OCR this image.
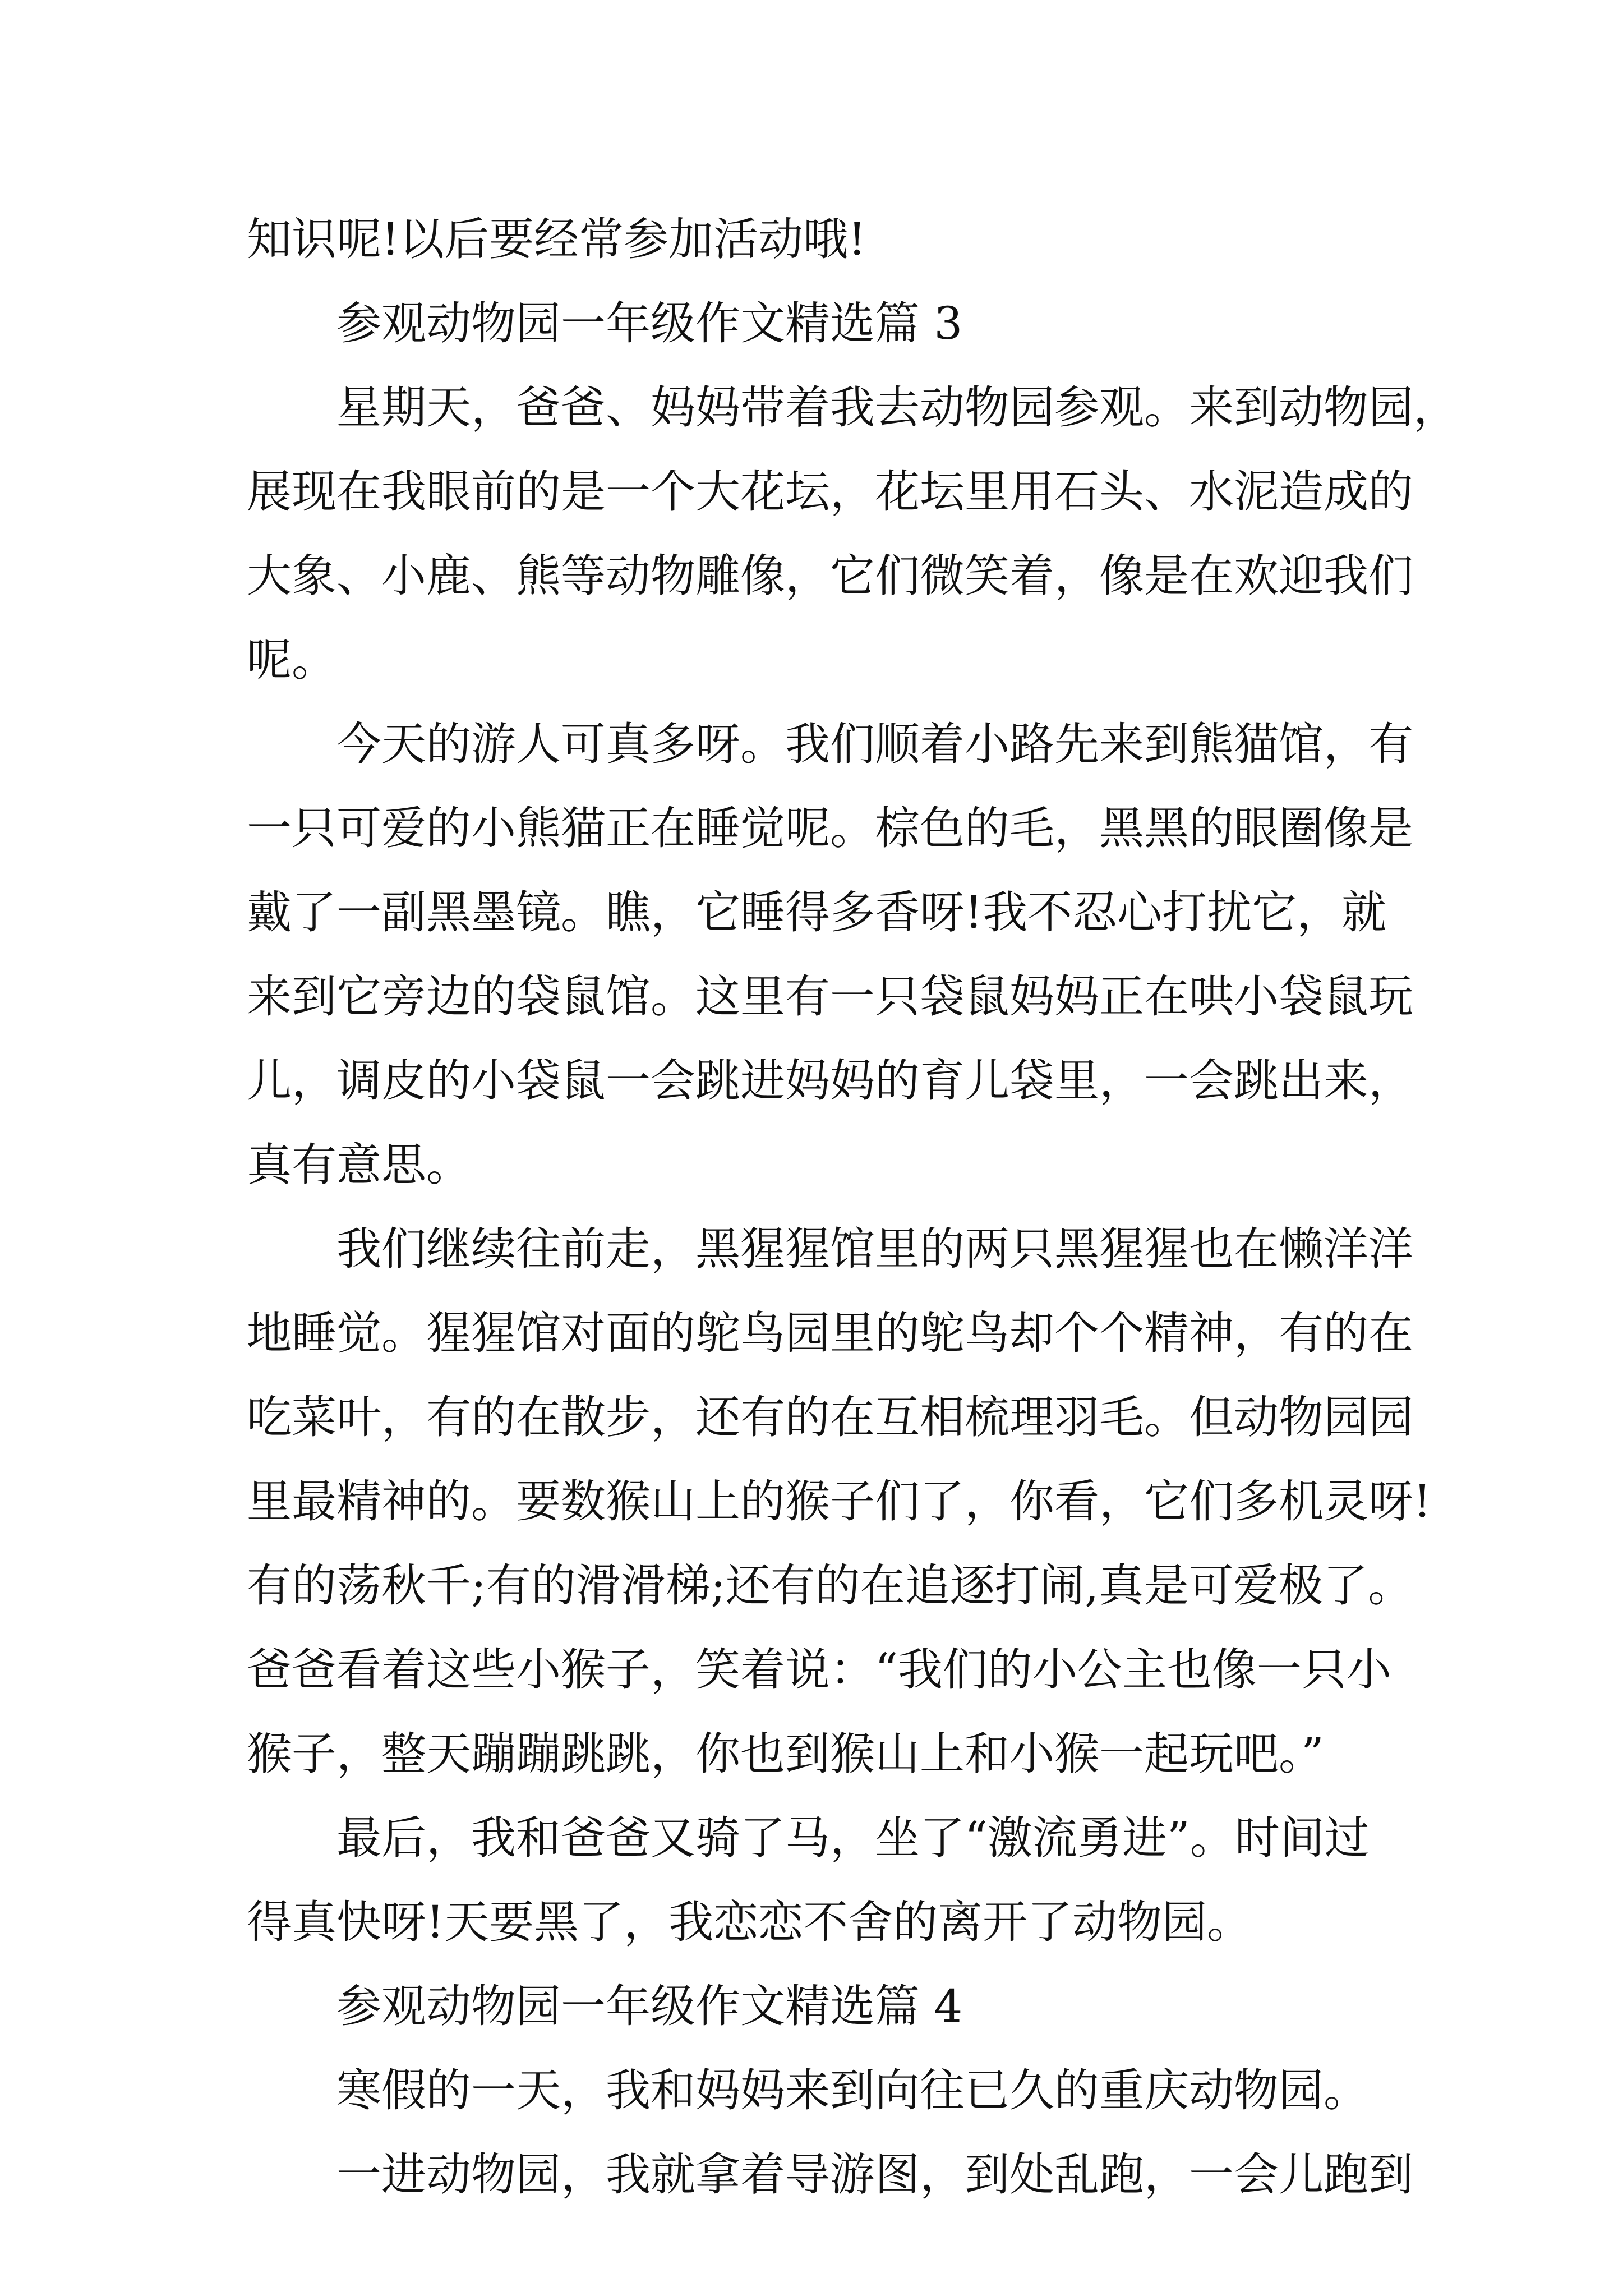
知识呢!以后要经常参加活动哦!
参观动物园一年级作文精选篇 3
星期天，爸爸、妈妈带着我去动物园参观。来到动物园，
展现在我眼前的是一个大花坛，花坛里用石头、水泥造成的
大象、小鹿、熊等动物雕像，它们微笑着，像是在欢迎我们
呢。
今天的游人可真多呀。我们顺着小路先来到熊猫馆，有
一只可爱的小熊猫正在睡觉呢。棕色的毛，黑黑的眼圈像是
戴了一副黑墨镜。瞧，它睡得多香呀!我不忍心打扰它，就
来到它旁边的袋鼠馆。这里有一只袋鼠妈妈正在哄小袋鼠玩
儿，调皮的小袋鼠一会跳进妈妈的育儿袋里，一会跳出来，
真有意思。
我们继续往前走，黑猩猩馆里的两只黑猩猩也在懒洋洋
地睡觉。猩猩馆对面的鸵鸟园里的鸵鸟却个个精神，有的在
吃菜叶，有的在散步，还有的在互相梳理羽毛。但动物园园
里最精神的。要数猴山上的猴子们了，你看，它们多机灵呀!
有的荡秋千;有的滑滑梯;还有的在追逐打闹,真是可爱极了。
爸爸看着这些小猴子，笑着说：“我们的小公主也像一只小
猴子，整天蹦蹦跳跳，你也到猴山上和小猴一起玩吧。”
最后，我和爸爸又骑了马，坐了“激流勇进”。时间过
得真快呀!天要黑了，我恋恋不舍的离开了动物园。
参观动物园一年级作文精选篇 4
寒假的一天，我和妈妈来到向往已久的重庆动物园。
一进动物园，我就拿着导游图，到处乱跑，一会儿跑到
